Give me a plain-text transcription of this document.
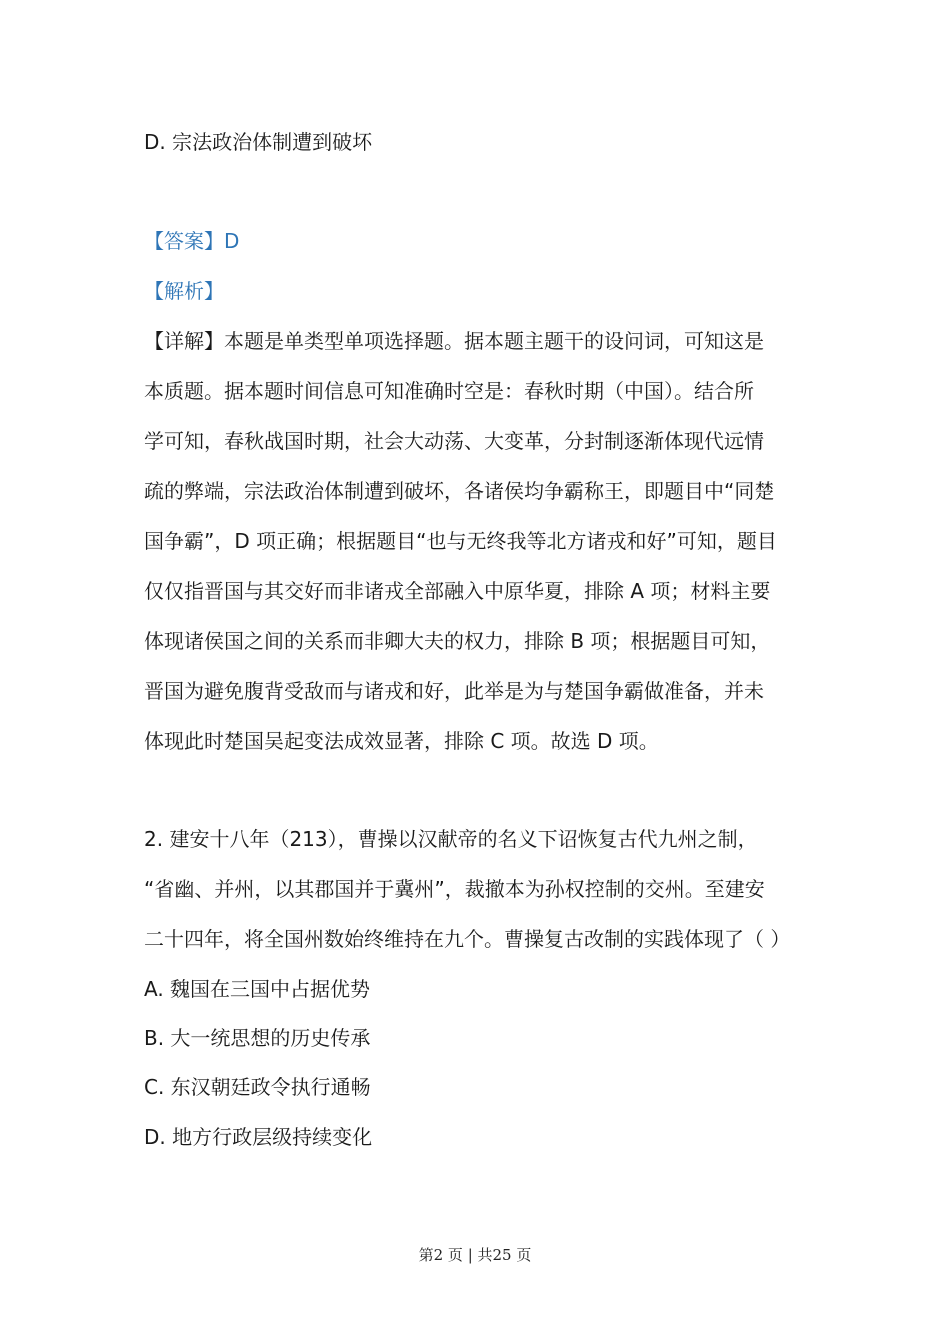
D. 宗法政治体制遭到破坏
【答案】D
【解析】
【详解】本题是单类型单项选择题。据本题主题干的设问词，可知这是
本质题。据本题时间信息可知准确时空是：春秋时期（中国）。结合所
学可知，春秋战国时期，社会大动荡、大变革，分封制逐渐体现代远情
疏的弊端，宗法政治体制遭到破坏，各诸侯均争霸称王，即题目中“同楚
国争霸”，D 项正确；根据题目“也与无终我等北方诸戎和好”可知，题目
仅仅指晋国与其交好而非诸戎全部融入中原华夏，排除 A 项；材料主要
体现诸侯国之间的关系而非卿大夫的权力，排除 B 项；根据题目可知，
晋国为避免腹背受敌而与诸戎和好，此举是为与楚国争霸做准备，并未
体现此时楚国吴起变法成效显著，排除 C 项。故选 D 项。
2. 建安十八年（213），曹操以汉献帝的名义下诏恢复古代九州之制，
“省幽、并州，以其郡国并于冀州”，裁撤本为孙权控制的交州。至建安
二十四年，将全国州数始终维持在九个。曹操复古改制的实践体现了（ ）
A. 魏国在三国中占据优势
B. 大一统思想的历史传承
C. 东汉朝廷政令执行通畅
D. 地方行政层级持续变化
第2 页 | 共25 页
